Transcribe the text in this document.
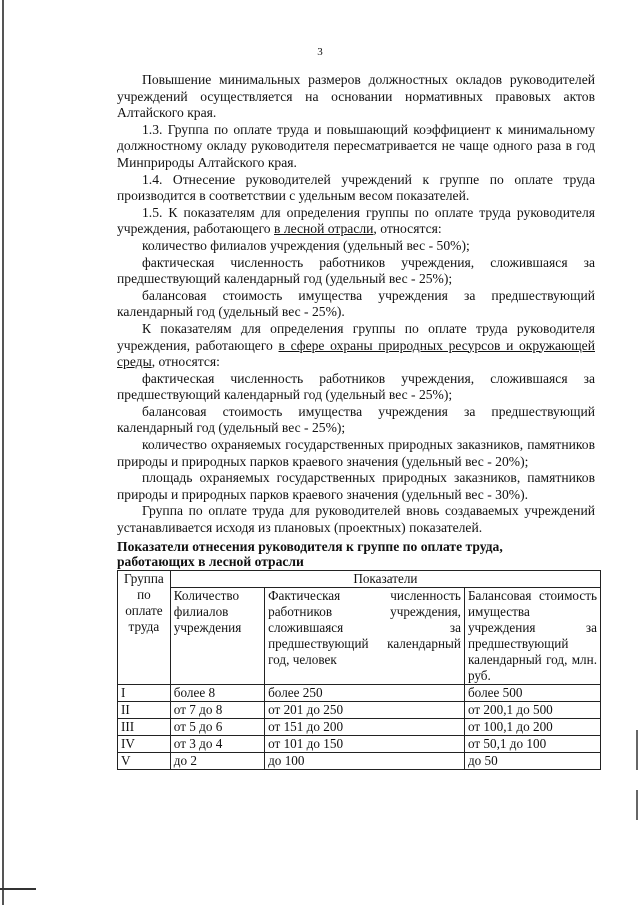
3

Повышение минимальных размеров должностных окладов руководителей учреждений осуществляется на основании нормативных правовых актов Алтайского края.

1.3. Группа по оплате труда и повышающий коэффициент к минимальному должностному окладу руководителя пересматривается не чаще одного раза в год Минприроды Алтайского края.

1.4. Отнесение руководителей учреждений к группе по оплате труда производится в соответствии с удельным весом показателей.

1.5. К показателям для определения группы по оплате труда руководителя учреждения, работающего в лесной отрасли, относятся:

количество филиалов учреждения (удельный вес - 50%);

фактическая численность работников учреждения, сложившаяся за предшествующий календарный год (удельный вес - 25%);

балансовая стоимость имущества учреждения за предшествующий календарный год (удельный вес - 25%).

К показателям для определения группы по оплате труда руководителя учреждения, работающего в сфере охраны природных ресурсов и окружающей среды, относятся:

фактическая численность работников учреждения, сложившаяся за предшествующий календарный год (удельный вес - 25%);

балансовая стоимость имущества учреждения за предшествующий календарный год (удельный вес - 25%);

количество охраняемых государственных природных заказников, памятников природы и природных парков краевого значения (удельный вес - 20%);

площадь охраняемых государственных природных заказников, памятников природы и природных парков краевого значения (удельный вес - 30%).

Группа по оплате труда для руководителей вновь создаваемых учреждений устанавливается исходя из плановых (проектных) показателей.

Показатели отнесения руководителя к группе по оплате труда,
работающих в лесной отрасли

Группа по оплате труда	Показатели		
	Количество филиалов учреждения	Фактическая численность работников учреждения, сложившаяся за предшествующий календарный год, человек	Балансовая стоимость имущества учреждения за предшествующий календарный год, млн. руб.
I	более 8	более 250	более 500
II	от 7 до 8	от 201 до 250	от 200,1 до 500
III	от 5 до 6	от 151 до 200	от 100,1 до 200
IV	от 3 до 4	от 101 до 150	от 50,1 до 100
V	до 2	до 100	до 50
